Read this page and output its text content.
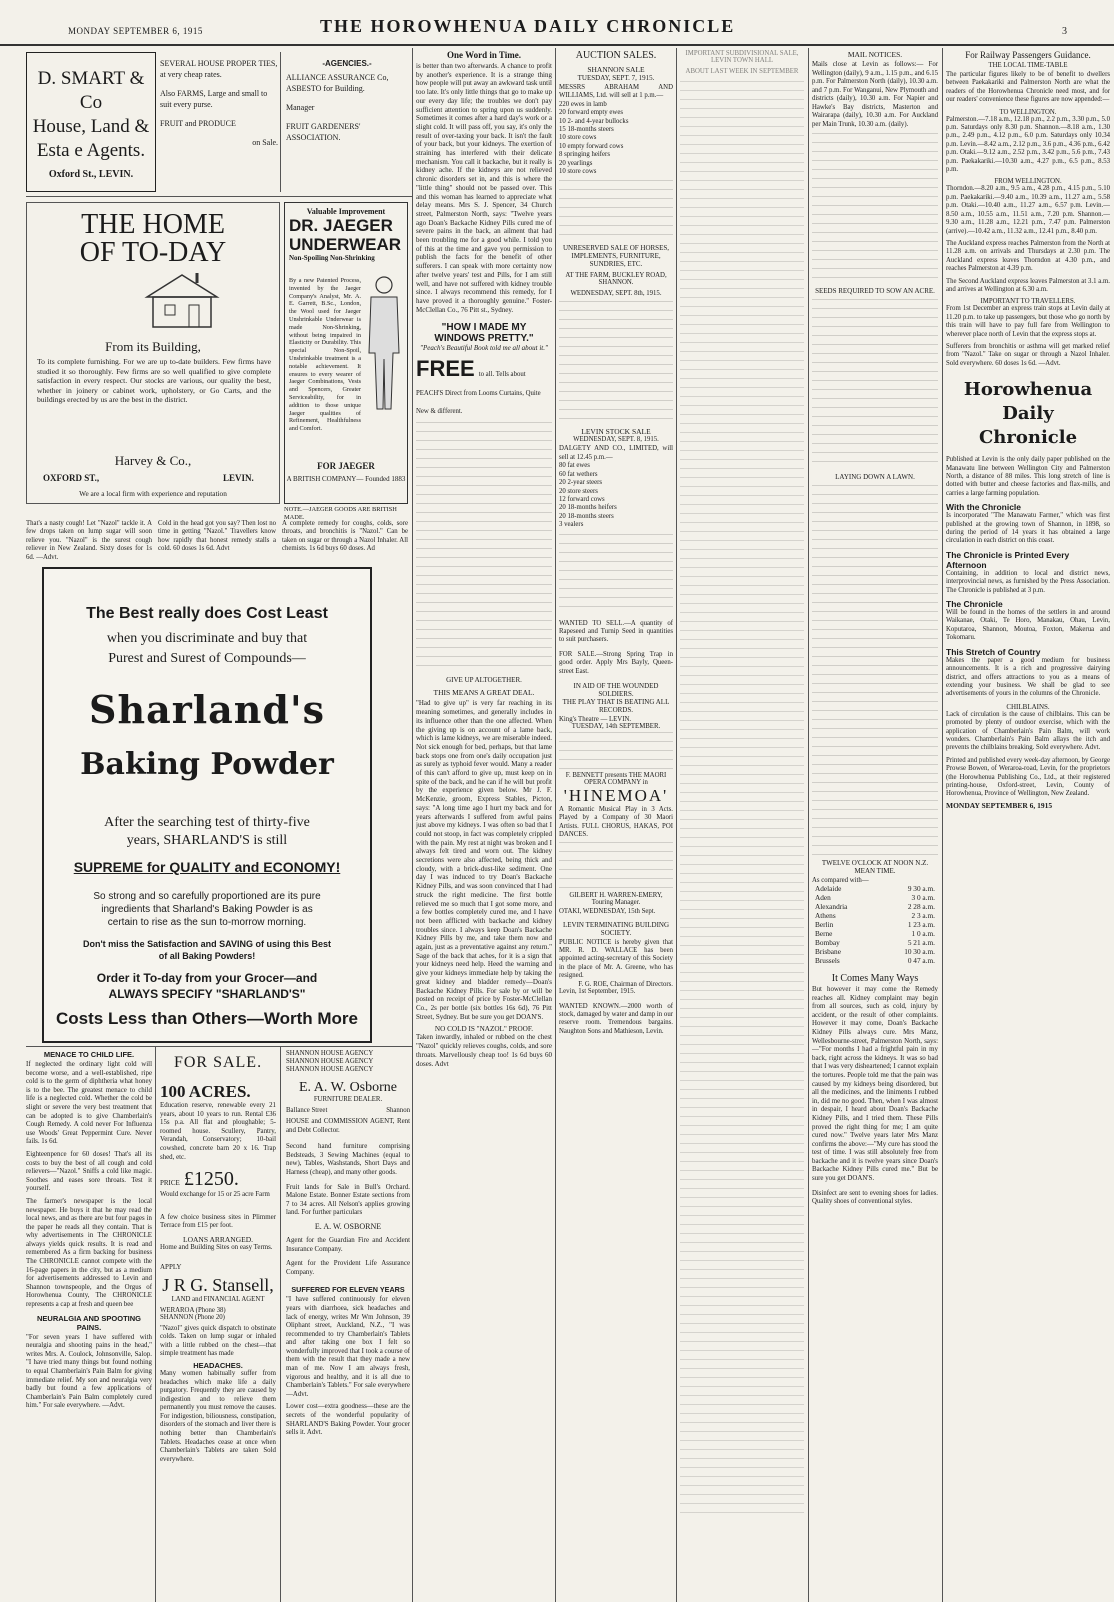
MONDAY SEPTEMBER 6, 1915	THE HOROWHENUA DAILY CHRONICLE	3
D. SMART & Co
House, Land &
Esta e Agents.
Oxford St., LEVIN.
SEVERAL HOUSE PROPER TIES, at very cheap rates.
Also FARMS, Large and small to suit every purse.
FRUIT and PRODUCE
on Sale.
-AGENCIES.-
ALLIANCE ASSURANCE Co,
ASBESTO for Building.
Manager
FRUIT GARDENERS' ASSOCIATION.
THE HOME
OF TO-DAY
From its Building,
To its complete furnishing. For we are up to-date builders. Few firms have studied it so thoroughly. Few firms are so well qualified to give complete satisfaction in every respect. Our stocks are various, our quality the best, whether in joinery or cabinet work, upholstery, or Go Carts, and the buildings erected by us are the best in the district.
Harvey & Co.,
OXFORD ST.,	LEVIN.
We are a local firm with experience and reputation
Valuable Improvement
DR. JAEGER
UNDERWEAR
Non-Spoiling Non-Shrinking
By a new Patented Process, invented by the Jaeger Company's Analyst, Mr. A. E. Garrett, B.Sc., London, the Wool used for Jaeger Unshrinkable Underwear is made Non-Shrinking, without being impaired in Elasticity or Durability. This special Non-Spoil, Unshrinkable treatment is a notable achievement. It ensures to every wearer of Jaeger Combinations, Vests and Spencers, Greater Serviceability, for in addition to those unique Jaeger qualities of Refinement, Healthfulness and Comfort.
FOR JAEGER
A BRITISH COMPANY— Founded 1883
NOTE.—JAEGER GOODS ARE BRITISH MADE.
That's a nasty cough! Let "Nazol" tackle it. A few drops taken on lump sugar will soon relieve you. "Nazol" is the surest cough reliever in New Zealand. Sixty doses for 1s 6d. —Advt.
Cold in the head got you say? Then lost no time in getting "Nazol." Travellers know how rapidly that honest remedy stalls a cold. 60 doses 1s 6d. Advt
A complete remedy for coughs, colds, sore throats, and bronchitis is "Nazol." Can be taken on sugar or through a Nazol Inhaler. All chemists. 1s 6d buys 60 doses. Ad
The Best really does Cost Least
when you discriminate and buy that
Purest and Surest of Compounds—
Sharland's
Baking Powder
After the searching test of thirty-five
years, SHARLAND'S is still
SUPREME for QUALITY and ECONOMY!
So strong and so carefully proportioned are its pure
ingredients that Sharland's Baking Powder is as
certain to rise as the sun to-morrow morning.
Don't miss the Satisfaction and SAVING of using this Best
of all Baking Powders!
Order it To-day from your Grocer—and
ALWAYS SPECIFY "SHARLAND'S"
Costs Less than Others—Worth More
MENACE TO CHILD LIFE.
If neglected the ordinary light cold will become worse, and a well-established, ripe cold is to the germ of diphtheria what honey is to the bee. The greatest menace to child life is a neglected cold. Whether the cold be slight or severe the very best treatment that can be adopted is to give Chamberlain's Cough Remedy. A cold never For Influenza use Woods' Great Peppermint Cure. Never fails. 1s 6d.
Eighteenpence for 60 doses! That's all its costs to buy the best of all cough and cold relievers—"Nazol." Sniffs a cold like magic. Soothes and eases sore throats. Test it yourself.
The farmer's newspaper is the local newspaper. He buys it that he may read the local news, and as there are but four pages in the paper he reads all they contain. That is why advertisements in The CHRONICLE always yields quick results. It is read and remembered As a firm backing for business The CHRONICLE cannot compete with the 16-page papers in the city, but as a medium for advertisements addressed to Levin and Shannon townspeople, and the Orgus of Horowhenua County, The CHRONICLE represents a cap at fresh and queen bee
NEURALGIA AND SPOOTING PAINS.
"For seven years I have suffered with neuralgia and shooting pains in the head," writes Mrs. A. Coulock, Johnsonville, Salop. "I have tried many things but found nothing to equal Chamberlain's Pain Balm for giving immediate relief. My son and neuralgia very badly but found a few applications of Chamberlain's Pain Balm completely cured him." For sale everywhere. —Advt.
FOR SALE.
100 ACRES.
Education reserve, renewable every 21 years, about 10 years to run. Rental £36 15s p.a. All flat and ploughable; 5-roomed house. Scullery, Pantry, Verandah, Conservatory; 10-bail cowshed, concrete barn 20 x 16. Trap shed, etc.
PRICE £1250.
Would exchange for 15 or 25 acre Farm
A few choice business sites in Plimmer Terrace from £15 per foot.
LOANS ARRANGED.
Home and Building Sites on easy Terms.
APPLY
J R G. Stansell,
LAND and FINANCIAL AGENT
WERAROA (Phone 38)
SHANNON (Phone 20)
"Nazol" gives quick dispatch to obstinate colds. Taken on lump sugar or inhaled with a little rubbed on the chest—that simple treatment has made
HEADACHES.
Many women habitually suffer from headaches which make life a daily purgatory. Frequently they are caused by indigestion and to relieve them permanently you must remove the causes. For indigestion, biliousness, constipation, disorders of the stomach and liver there is nothing better than Chamberlain's Tablets. Headaches cease at once when Chamberlain's Tablets are taken Sold everywhere.
SHANNON HOUSE AGENCY
SHANNON HOUSE AGENCY
SHANNON HOUSE AGENCY
E. A. W. Osborne
FURNITURE DEALER.
Ballance Street	Shannon
HOUSE and COMMISSION AGENT, Rent and Debt Collector.
Second hand furniture comprising Bedsteads, 3 Sewing Machines (equal to new), Tables, Washstands, Short Days and Harness (cheap), and many other goods.
Fruit lands for Sale in Bull's Orchard. Malone Estate. Bonner Estate sections from 7 to 34 acres. All Nelson's applies growing land. For further particulars
E. A. W. OSBORNE
Agent for the Guardian Fire and Accident Insurance Company.
Agent for the Provident Life Assurance Company.
SUFFERED FOR ELEVEN YEARS
"I have suffered continuously for eleven years with diarrhoea, sick headaches and lack of energy, writes Mr Wm Johnson, 39 Oliphant street, Auckland, N.Z., "I was recommended to try Chamberlain's Tablets and after taking one box I felt so wonderfully improved that I took a course of them with the result that they made a new man of me. Now I am always fresh, vigorous and healthy, and it is all due to Chamberlain's Tablets." For sale everywhere —Advt.
Lower cost—extra goodness—these are the secrets of the wonderful popularity of SHARLAND'S Baking Powder. Your grocer sells it. Advt.
One Word in Time.
is better than two afterwards. A chance to profit by another's experience. It is a strange thing how people will put away an awkward task until too late. It's only little things that go to make up our every day life; the troubles we don't pay sufficient attention to spring upon us suddenly. Sometimes it comes after a hard day's work or a slight cold. It will pass off, you say, it's only the result of over-taxing your back. It isn't the fault of your back, but your kidneys. The exertion of straining has interfered with their delicate mechanism. You call it backache, but it really is kidney ache. If the kidneys are not relieved chronic disorders set in, and this is where the "little thing" should not be passed over. This and this woman has learned to appreciate what delay means. Mrs S. J. Spencer, 34 Church street, Palmerston North, says: "Twelve years ago Doan's Backache Kidney Pills cured me of severe pains in the back, an ailment that had been troubling me for a good while. I told you of this at the time and gave you permission to publish the facts for the benefit of other sufferers. I can speak with more certainty now after twelve years' test and Pills, for I am still well, and have not suffered with kidney trouble since. I always recommend this remedy, for I have proved it a thoroughly genuine." Foster-McClellan Co., 76 Pitt st., Sydney.
"HOW I MADE MY
WINDOWS PRETTY."
"Peach's Beautiful Book told me all about it."
FREE to all. Tells about PEACH'S Direct from Looms Curtains, Quite New & different.
GIVE UP ALTOGETHER.
THIS MEANS A GREAT DEAL.
"Had to give up" is very far reaching in its meaning sometimes, and generally includes in its influence other than the one affected. When the giving up is on account of a lame back, which is lame kidneys, we are miserable indeed. Not sick enough for bed, perhaps, but that lame back stops one from one's daily occupation just as surely as typhoid fever would. Many a reader of this can't afford to give up, must keep on in spite of the back, and he can if he will but profit by the experience given below. Mr J. F. McKenzie, groom, Express Stables, Picton, says: "A long time ago I hurt my back and for years afterwards I suffered from awful pains just above my kidneys. I was often so bad that I could not stoop, in fact was completely crippled with the pain. My rest at night was broken and I always felt tired and worn out. The kidney secretions were also affected, being thick and cloudy, with a brick-dust-like sediment. One day I was induced to try Doan's Backache Kidney Pills, and was soon convinced that I had struck the right medicine. The first bottle relieved me so much that I got some more, and a few bottles completely cured me, and I have not been afflicted with backache and kidney troubles since. I always keep Doan's Backache Kidney Pills by me, and take them now and again, just as a preventative against any return." Sage of the back that aches, for it is a sign that your kidneys need help. Heed the warning and give your kidneys immediate help by taking the great kidney and bladder remedy—Doan's Backache Kidney Pills. For sale by or will be posted on receipt of price by Foster-McClellan Co., 2s per bottle (six bottles 16s 6d), 76 Pitt Street, Sydney. But be sure you get DOAN'S.
NO COLD IS "NAZOL" PROOF.
Taken inwardly, inhaled or rubbed on the chest "Nazol" quickly relieves coughs, colds, and sore throats. Marvellously cheap too! 1s 6d buys 60 doses. Advt
AUCTION SALES.
SHANNON SALE
TUESDAY, SEPT. 7, 1915.
MESSRS ABRAHAM AND WILLIAMS, Ltd. will sell at 1 p.m.—
220 ewes in lamb
20 forward empty ewes
10 2- and 4-year bullocks
15 18-months steers
10 store cows
10 empty forward cows
8 springing heifers
20 yearlings
10 store cows
UNRESERVED SALE OF HORSES, IMPLEMENTS, FURNITURE, SUNDRIES, ETC.
AT THE FARM, BUCKLEY ROAD, SHANNON.
WEDNESDAY, SEPT. 8th, 1915.
LEVIN STOCK SALE
WEDNESDAY, SEPT. 8, 1915.
DALGETY AND CO., LIMITED, will sell at 12.45 p.m.—
80 fat ewes
60 fat wethers
20 2-year steers
20 store steers
12 forward cows
20 18-months heifers
20 18-months steers
3 vealers
WANTED TO SELL.—A quantity of Rapeseed and Turnip Seed in quantities to suit purchasers.
FOR SALE.—Strong Spring Trap in good order. Apply Mrs Bayly, Queen-street East.
IN AID OF THE WOUNDED SOLDIERS.
THE PLAY THAT IS BEATING ALL RECORDS.
King's Theatre — LEVIN.
TUESDAY, 14th SEPTEMBER.
F. BENNETT presents THE MAORI OPERA COMPANY in
'HINEMOA'
A Romantic Musical Play in 3 Acts. Played by a Company of 30 Maori Artists. FULL CHORUS, HAKAS, POI DANCES.
GILBERT H. WARREN-EMERY, Touring Manager.
OTAKI, WEDNESDAY, 15th Sept.
LEVIN TERMINATING BUILDING SOCIETY.
PUBLIC NOTICE is hereby given that MR. R. D. WALLACE has been appointed acting-secretary of this Society in the place of Mr. A. Greene, who has resigned.
F. G. ROE, Chairman of Directors.
Levin, 1st September, 1915.
WANTED KNOWN.—2000 worth of stock, damaged by water and damp in our reserve room. Tremendous bargains. Naughton Sons and Mathieson, Levin.
IMPORTANT SUBDIVISIONAL SALE, LEVIN TOWN HALL
ABOUT LAST WEEK IN SEPTEMBER
MAIL NOTICES.
Mails close at Levin as follows:— For Wellington (daily), 9 a.m., 1.15 p.m., and 6.15 p.m. For Palmerston North (daily), 10.30 a.m. and 7 p.m. For Wanganui, New Plymouth and districts (daily), 10.30 a.m. For Napier and Hawke's Bay districts, Masterton and Wairarapa (daily), 10.30 a.m. For Auckland per Main Trunk, 10.30 a.m. (daily).
SEEDS REQUIRED TO SOW AN ACRE.
LAYING DOWN A LAWN.
TWELVE O'CLOCK AT NOON N.Z. MEAN TIME.
As compared with—
Adelaide	9 30 a.m.
Aden	3 0 a.m.
Alexandria	2 28 a.m.
Athens	2 3 a.m.
Berlin	1 23 a.m.
Berne	1 0 a.m.
Bombay	5 21 a.m.
Brisbane	10 30 a.m.
Brussels	0 47 a.m.
It Comes Many Ways
But however it may come the Remedy reaches all. Kidney complaint may begin from all sources, such as cold, injury by accident, or the result of other complaints. However it may come, Doan's Backache Kidney Pills always cure. Mrs Manz, Wellesbourne-street, Palmerston North, says:—"For months I had a frightful pain in my back, right across the kidneys. It was so bad that I was very disheartened; I cannot explain the tortures. People told me that the pain was caused by my kidneys being disordered, but all the medicines, and the liniments I rubbed in, did me no good. Then, when I was almost in despair, I heard about Doan's Backache Kidney Pills, and I tried them. These Pills proved the right thing for me; I am quite cured now." Twelve years later Mrs Manz confirms the above:—"My cure has stood the test of time. I was still absolutely free from backache and it is twelve years since Doan's Backache Kidney Pills cured me." But be sure you get DOAN'S.
Disinfect are sent to evening shoes for ladies. Quality shoes of conventional styles.
For Railway Passengers Guidance.
THE LOCAL TIME-TABLE
The particular figures likely to be of benefit to dwellers between Paekakariki and Palmerston North are what the readers of the Horowhenua Chronicle need most, and for our readers' convenience these figures are now appended:—
TO WELLINGTON.
Palmerston.—7.18 a.m., 12.18 p.m., 2.2 p.m., 3.30 p.m., 5.0 p.m. Saturdays only 8.30 p.m. Shannon.—8.18 a.m., 1.30 p.m., 2.49 p.m., 4.12 p.m., 6.0 p.m. Saturdays only 10.34 p.m. Levin.—8.42 a.m., 2.12 p.m., 3.6 p.m., 4.36 p.m., 6.42 p.m. Otaki.—9.12 a.m., 2.52 p.m., 3.42 p.m., 5.6 p.m., 7.43 p.m. Paekakariki.—10.30 a.m., 4.27 p.m., 6.5 p.m., 8.53 p.m.
FROM WELLINGTON.
Thorndon.—8.20 a.m., 9.5 a.m., 4.28 p.m., 4.15 p.m., 5.10 p.m. Paekakariki.—9.40 a.m., 10.39 a.m., 11.27 a.m., 5.58 p.m. Otaki.—10.40 a.m., 11.27 a.m., 6.57 p.m. Levin.—8.50 a.m., 10.55 a.m., 11.51 a.m., 7.20 p.m. Shannon.—9.30 a.m., 11.28 a.m., 12.21 p.m., 7.47 p.m. Palmerston (arrive).—10.42 a.m., 11.32 a.m., 12.41 p.m., 8.40 p.m.
The Auckland express reaches Palmerston from the North at 11.28 a.m. on arrivals and Thursdays at 2.30 p.m. The Auckland express leaves Thorndon at 4.30 p.m., and reaches Palmerston at 4.39 p.m.
The Second Auckland express leaves Palmerston at 3.1 a.m. and arrives at Wellington at 6.30 a.m.
IMPORTANT TO TRAVELLERS.
From 1st December an express train stops at Levin daily at 11.20 p.m. to take up passengers, but those who go north by this train will have to pay full fare from Wellington to wherever place north of Levin that the express stops at.
Sufferers from bronchitis or asthma will get marked relief from "Nazol." Take on sugar or through a Nazol Inhaler. Sold everywhere. 60 doses 1s 6d. —Advt.
Horowhenua
Daily
Chronicle
Published at Levin is the only daily paper published on the Manawatu line between Wellington City and Palmerston North, a distance of 88 miles. This long stretch of line is dotted with butter and cheese factories and flax-mills, and carries a large farming population.
With the Chronicle
Is incorporated "The Manawatu Farmer," which was first published at the growing town of Shannon, in 1898, so during the period of 14 years it has obtained a large circulation in each district on this coast.
The Chronicle is Printed Every Afternoon
Containing, in addition to local and district news, interprovincial news, as furnished by the Press Association. The Chronicle is published at 3 p.m.
The Chronicle
Will be found in the homes of the settlers in and around Waikanae, Otaki, Te Horo, Manakau, Ohau, Levin, Koputaroa, Shannon, Moutoa, Foxton, Makerua and Tokomaru.
This Stretch of Country
Makes the paper a good medium for business announcements. It is a rich and progressive dairying district, and offers attractions to you as a means of extending your business. We shall be glad to see advertisements of yours in the columns of the Chronicle.
CHILBLAINS.
Lack of circulation is the cause of chilblains. This can be promoted by plenty of outdoor exercise, which with the application of Chamberlain's Pain Balm, will work wonders. Chamberlain's Pain Balm allays the itch and prevents the chilblains breaking. Sold everywhere. Advt.
Printed and published every week-day afternoon, by George Prowse Bowen, of Weraroa-road, Levin, for the proprietors (the Horowhenua Publishing Co., Ltd., at their registered printing-house, Oxford-street, Levin, County of Horowhenua, Province of Wellington, New Zealand.
MONDAY SEPTEMBER 6, 1915
